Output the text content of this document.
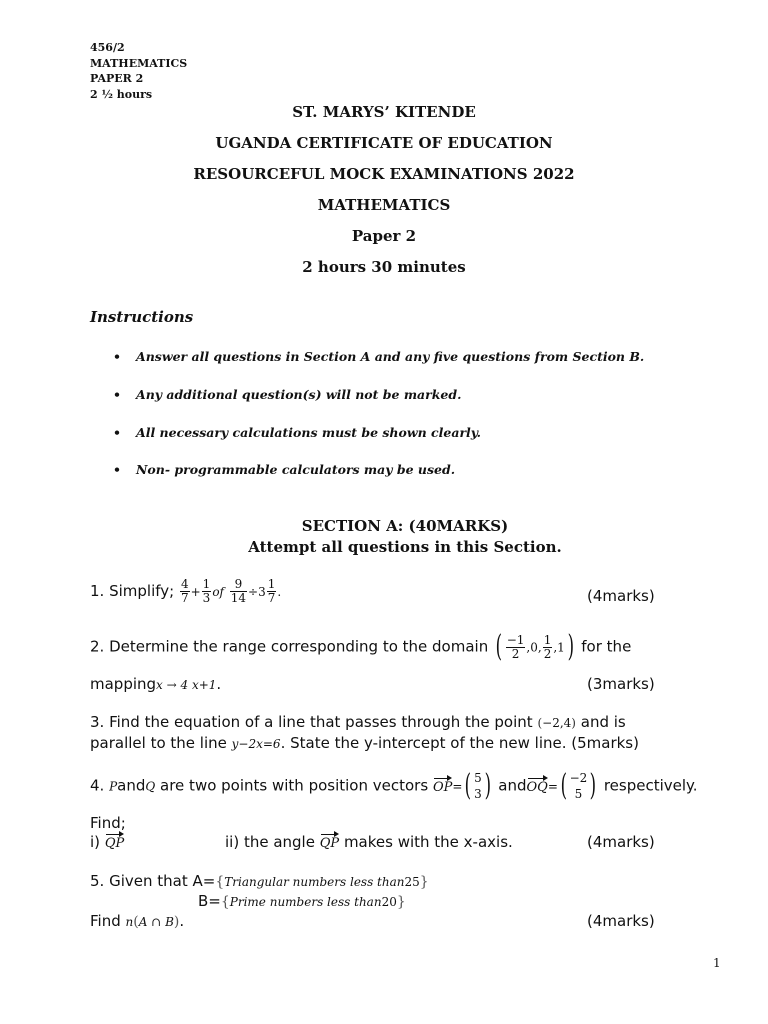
456/2
MATHEMATICS
PAPER 2
2 ½ hours
ST. MARYS’ KITENDE
UGANDA CERTIFICATE OF EDUCATION
RESOURCEFUL MOCK EXAMINATIONS 2022
MATHEMATICS
Paper 2
2 hours 30 minutes
Instructions
• Answer all questions in Section A and any five questions from Section B.
• Any additional question(s) will not be marked.
• All necessary calculations must be shown clearly.
• Non- programmable calculators may be used.
SECTION A: (40MARKS)
Attempt all questions in this Section.
1. Simplify; $\frac{4}{7} + \frac{1}{3}$ of $\frac{9}{14} \div 3 \frac{1}{7}$ .	(4marks)
2. Determine the range corresponding to the domain ( $\frac{-1}{2} ,0$, $\frac{1}{2} ,1$) for the
mappingx → 4 x+1.	(3marks)
3. Find the equation of a line that passes through the point (−2,4) and is
parallel to the line y−2x=6. State the y-intercept of the new line. (5marks)
4. PandQ are two points with position vectors OP=( 5
3 ) andOQ=( −2
5 ) respectively.
Find;
i) QP	ii) the angle QP makes with the x-axis.	(4marks)
5. Given that A={Triangular numbers less than25}
B={Prime numbers less than20}
Find n(A ∩ B).	(4marks)
1
